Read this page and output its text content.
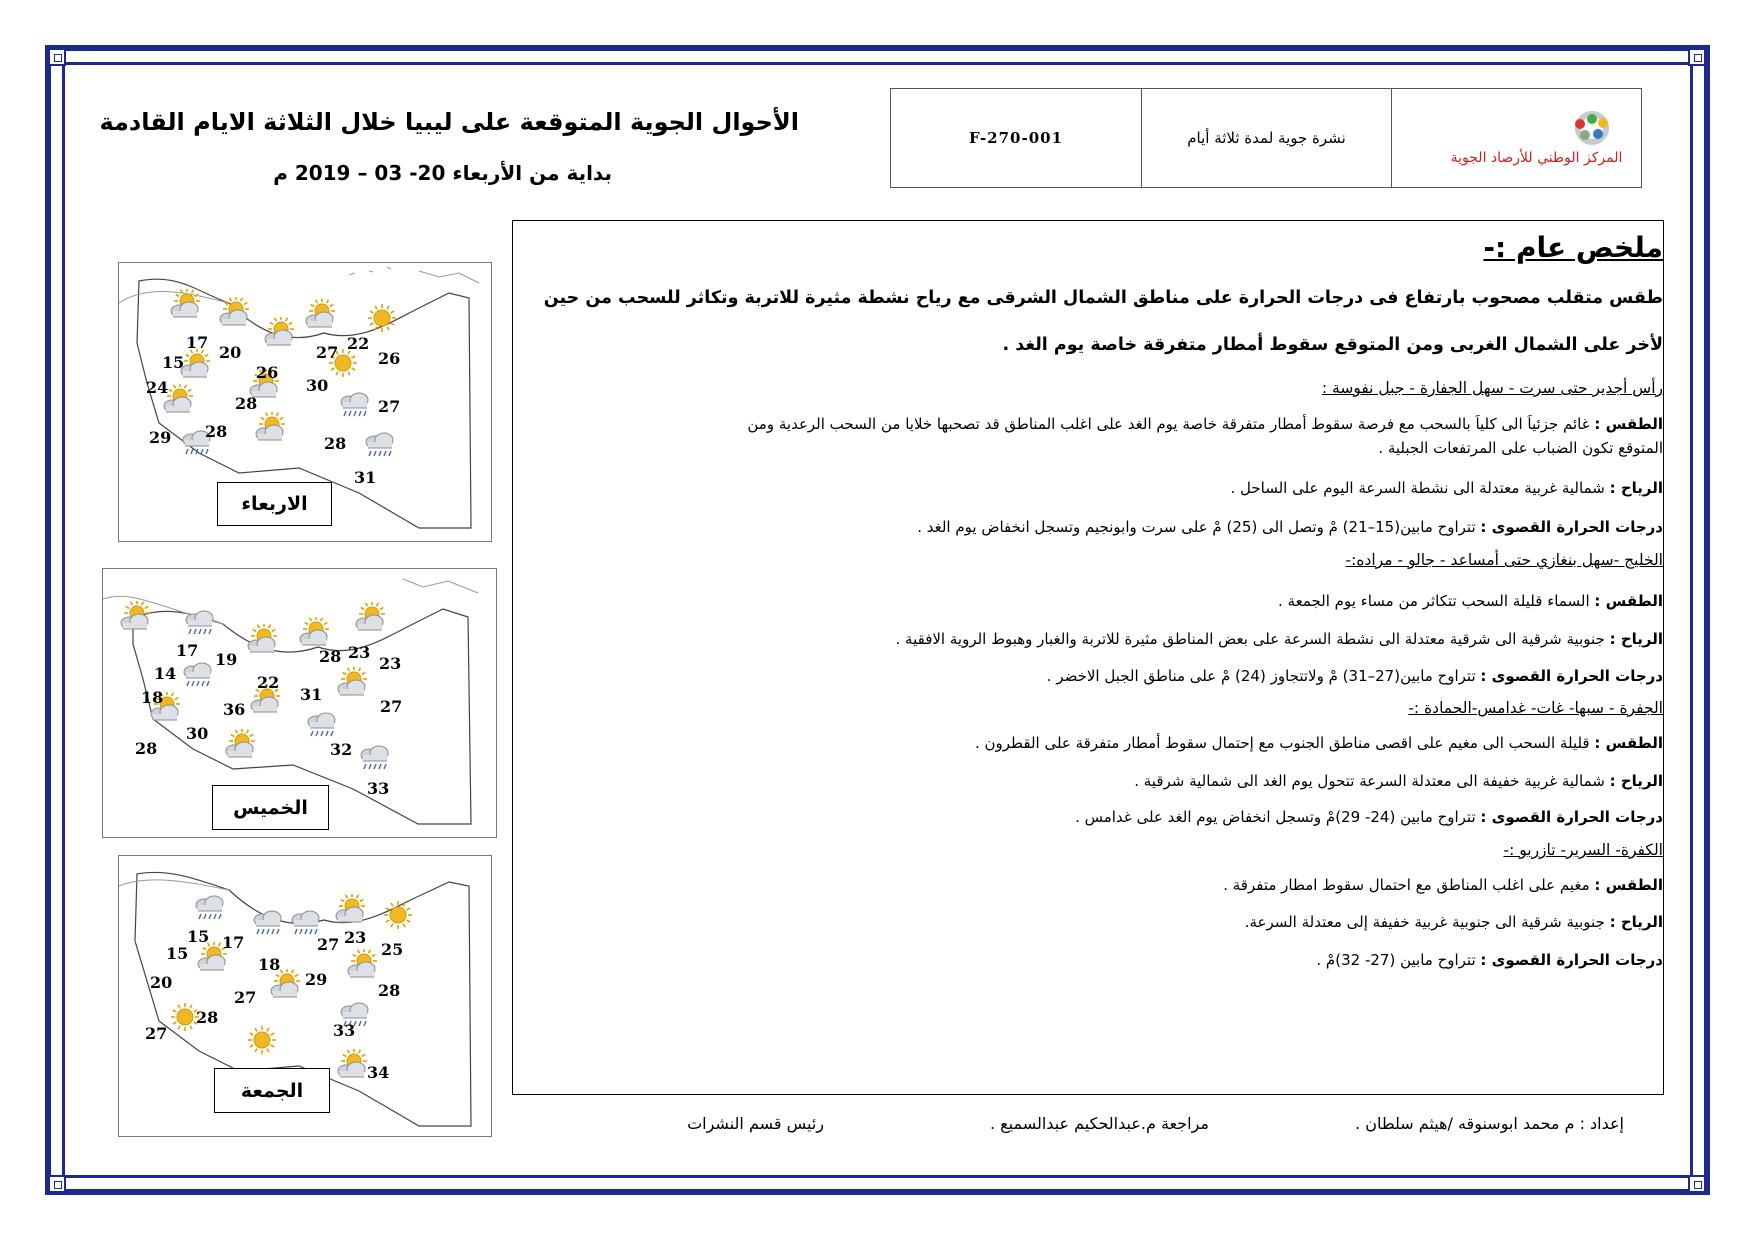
F-270-001	نشرة جوية لمدة ثلاثة أيام
المركز الوطني للأرصاد الجوية
الأحوال الجوية المتوقعة على ليبيا خلال الثلاثة الايام القادمة
بداية من الأربعاء 20- 03 – 2019 م
ملخص عام :-
طقس متقلب مصحوب بارتفاع فى درجات الحرارة على مناطق الشمال الشرقى مع رياح نشطة مثيرة للاتربة وتكاثر للسحب من حين
لأخر على الشمال الغربى ومن المتوقع سقوط أمطار متفرقة خاصة يوم الغد .
رأس أجدير حتى سرت - سهل الجفارة - جبل نفوسة :
الطقس : غائم جزئياَ الى كلياَ بالسحب مع فرصة سقوط أمطار متفرقة خاصة يوم الغد على اغلب المناطق قد تصحبها خلايا من السحب الرعدية ومن
المتوقع تكون الضباب على المرتفعات الجبلية .
الرياح : شمالية غربية معتدلة الى نشطة السرعة اليوم على الساحل .
درجات الحرارة القصوى : تتراوح مابين(15–21) مْ وتصل الى (25) مْ على سرت وابونجيم وتسجل انخفاض يوم الغد .
الخليج -سهل بنغازي حتى أمساعد - جالو - مراده:-
الطقس : السماء قليلة السحب تتكاثر من مساء يوم الجمعة .
الرياح : جنوبية شرقية الى شرقية معتدلة الى نشطة السرعة على بعض المناطق مثيرة للاتربة والغبار وهبوط الروية الافقية .
درجات الحرارة القصوى : تتراوح مابين(27–31) مْ ولاتتجاوز (24) مْ على مناطق الجبل الاخضر .
الجفرة - سبها- غات- غدامس-الحمادة :-
الطقس : قليلة السحب الى مغيم على اقصى مناطق الجنوب مع إحتمال سقوط أمطار متفرقة على القطرون .
الرياح : شمالية غربية خفيفة الى معتدلة السرعة تتحول يوم الغد الى شمالية شرقية .
درجات الحرارة القصوى : تتراوح مابين (24- 29)مْ وتسجل انخفاض يوم الغد على غدامس .
الكفرة- السرير- تازربو :-
الطقس : مغيم على اغلب المناطق مع احتمال سقوط امطار متفرقة .
الرياح : جنوبية شرقية الى جنوبية غربية خفيفة إلى معتدلة السرعة.
درجات الحرارة القصوى : تتراوح مابين (27- 32)مْ .
17
20
15
24
26
27 22
26
30
28	27
29 28
28
31
17 19	28 23
23
14	22
31
18
36	27
30
28	32
33
15 17	27 23
25
15
18
20	29
28
27
28
33
27
34
الاربعاء
الخميس
الجمعة
إعداد : م محمد ابوسنوقه /هيثم سلطان .
مراجعة م.عبدالحكيم عبدالسميع .
رئيس قسم النشرات
